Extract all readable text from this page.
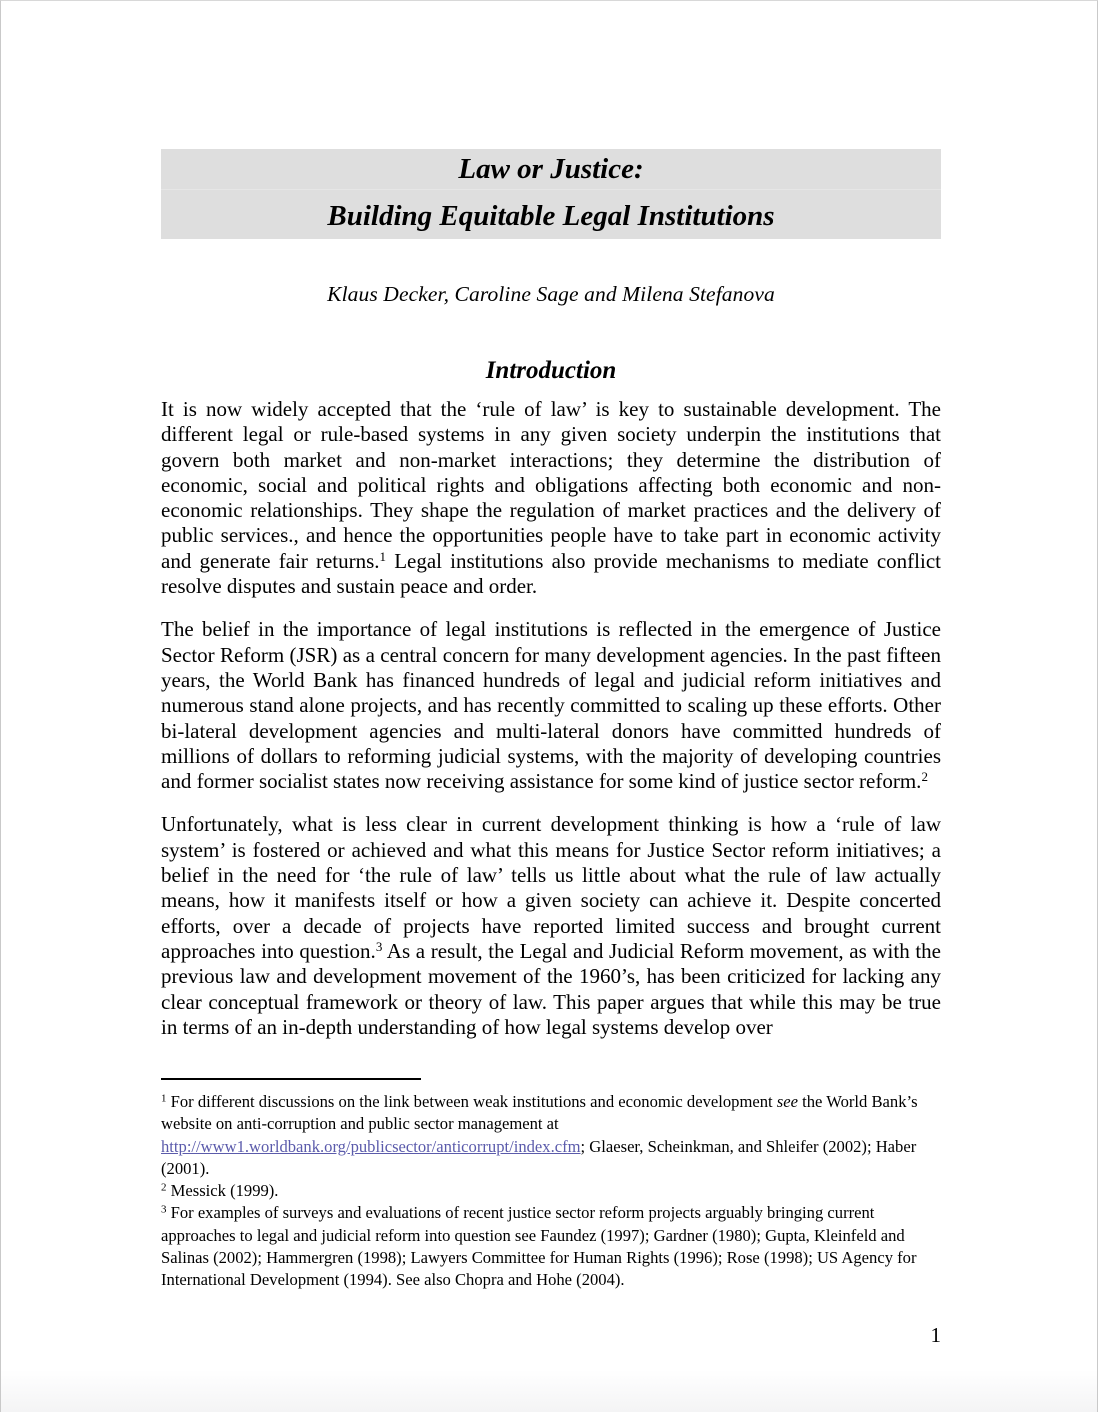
Law or Justice:
Building Equitable Legal Institutions
Klaus Decker, Caroline Sage and Milena Stefanova
Introduction

It is now widely accepted that the ‘rule of law’ is key to sustainable development. The different legal or rule-based systems in any given society underpin the institutions that govern both market and non-market interactions; they determine the distribution of economic, social and political rights and obligations affecting both economic and non-economic relationships. They shape the regulation of market practices and the delivery of public services., and hence the opportunities people have to take part in economic activity and generate fair returns.$^1$ Legal institutions also provide mechanisms to mediate conflict resolve disputes and sustain peace and order.

The belief in the importance of legal institutions is reflected in the emergence of Justice Sector Reform (JSR) as a central concern for many development agencies. In the past fifteen years, the World Bank has financed hundreds of legal and judicial reform initiatives and numerous stand alone projects, and has recently committed to scaling up these efforts. Other bi-lateral development agencies and multi-lateral donors have committed hundreds of millions of dollars to reforming judicial systems, with the majority of developing countries and former socialist states now receiving assistance for some kind of justice sector reform.$^2$

Unfortunately, what is less clear in current development thinking is how a ‘rule of law system’ is fostered or achieved and what this means for Justice Sector reform initiatives; a belief in the need for ‘the rule of law’ tells us little about what the rule of law actually means, how it manifests itself or how a given society can achieve it. Despite concerted efforts, over a decade of projects have reported limited success and brought current approaches into question.$^3$ As a result, the Legal and Judicial Reform movement, as with the previous law and development movement of the 1960’s, has been criticized for lacking any clear conceptual framework or theory of law. This paper argues that while this may be true in terms of an in-depth understanding of how legal systems develop over

$^1$ For different discussions on the link between weak institutions and economic development see the World Bank’s website on anti-corruption and public sector management at http://www1.worldbank.org/publicsector/anticorrupt/index.cfm; Glaeser, Scheinkman, and Shleifer (2002); Haber (2001).

$^2$ Messick (1999).

$^3$ For examples of surveys and evaluations of recent justice sector reform projects arguably bringing current approaches to legal and judicial reform into question see Faundez (1997); Gardner (1980); Gupta, Kleinfeld and Salinas (2002); Hammergren (1998); Lawyers Committee for Human Rights (1996); Rose (1998); US Agency for International Development (1994). See also Chopra and Hohe (2004).

1
